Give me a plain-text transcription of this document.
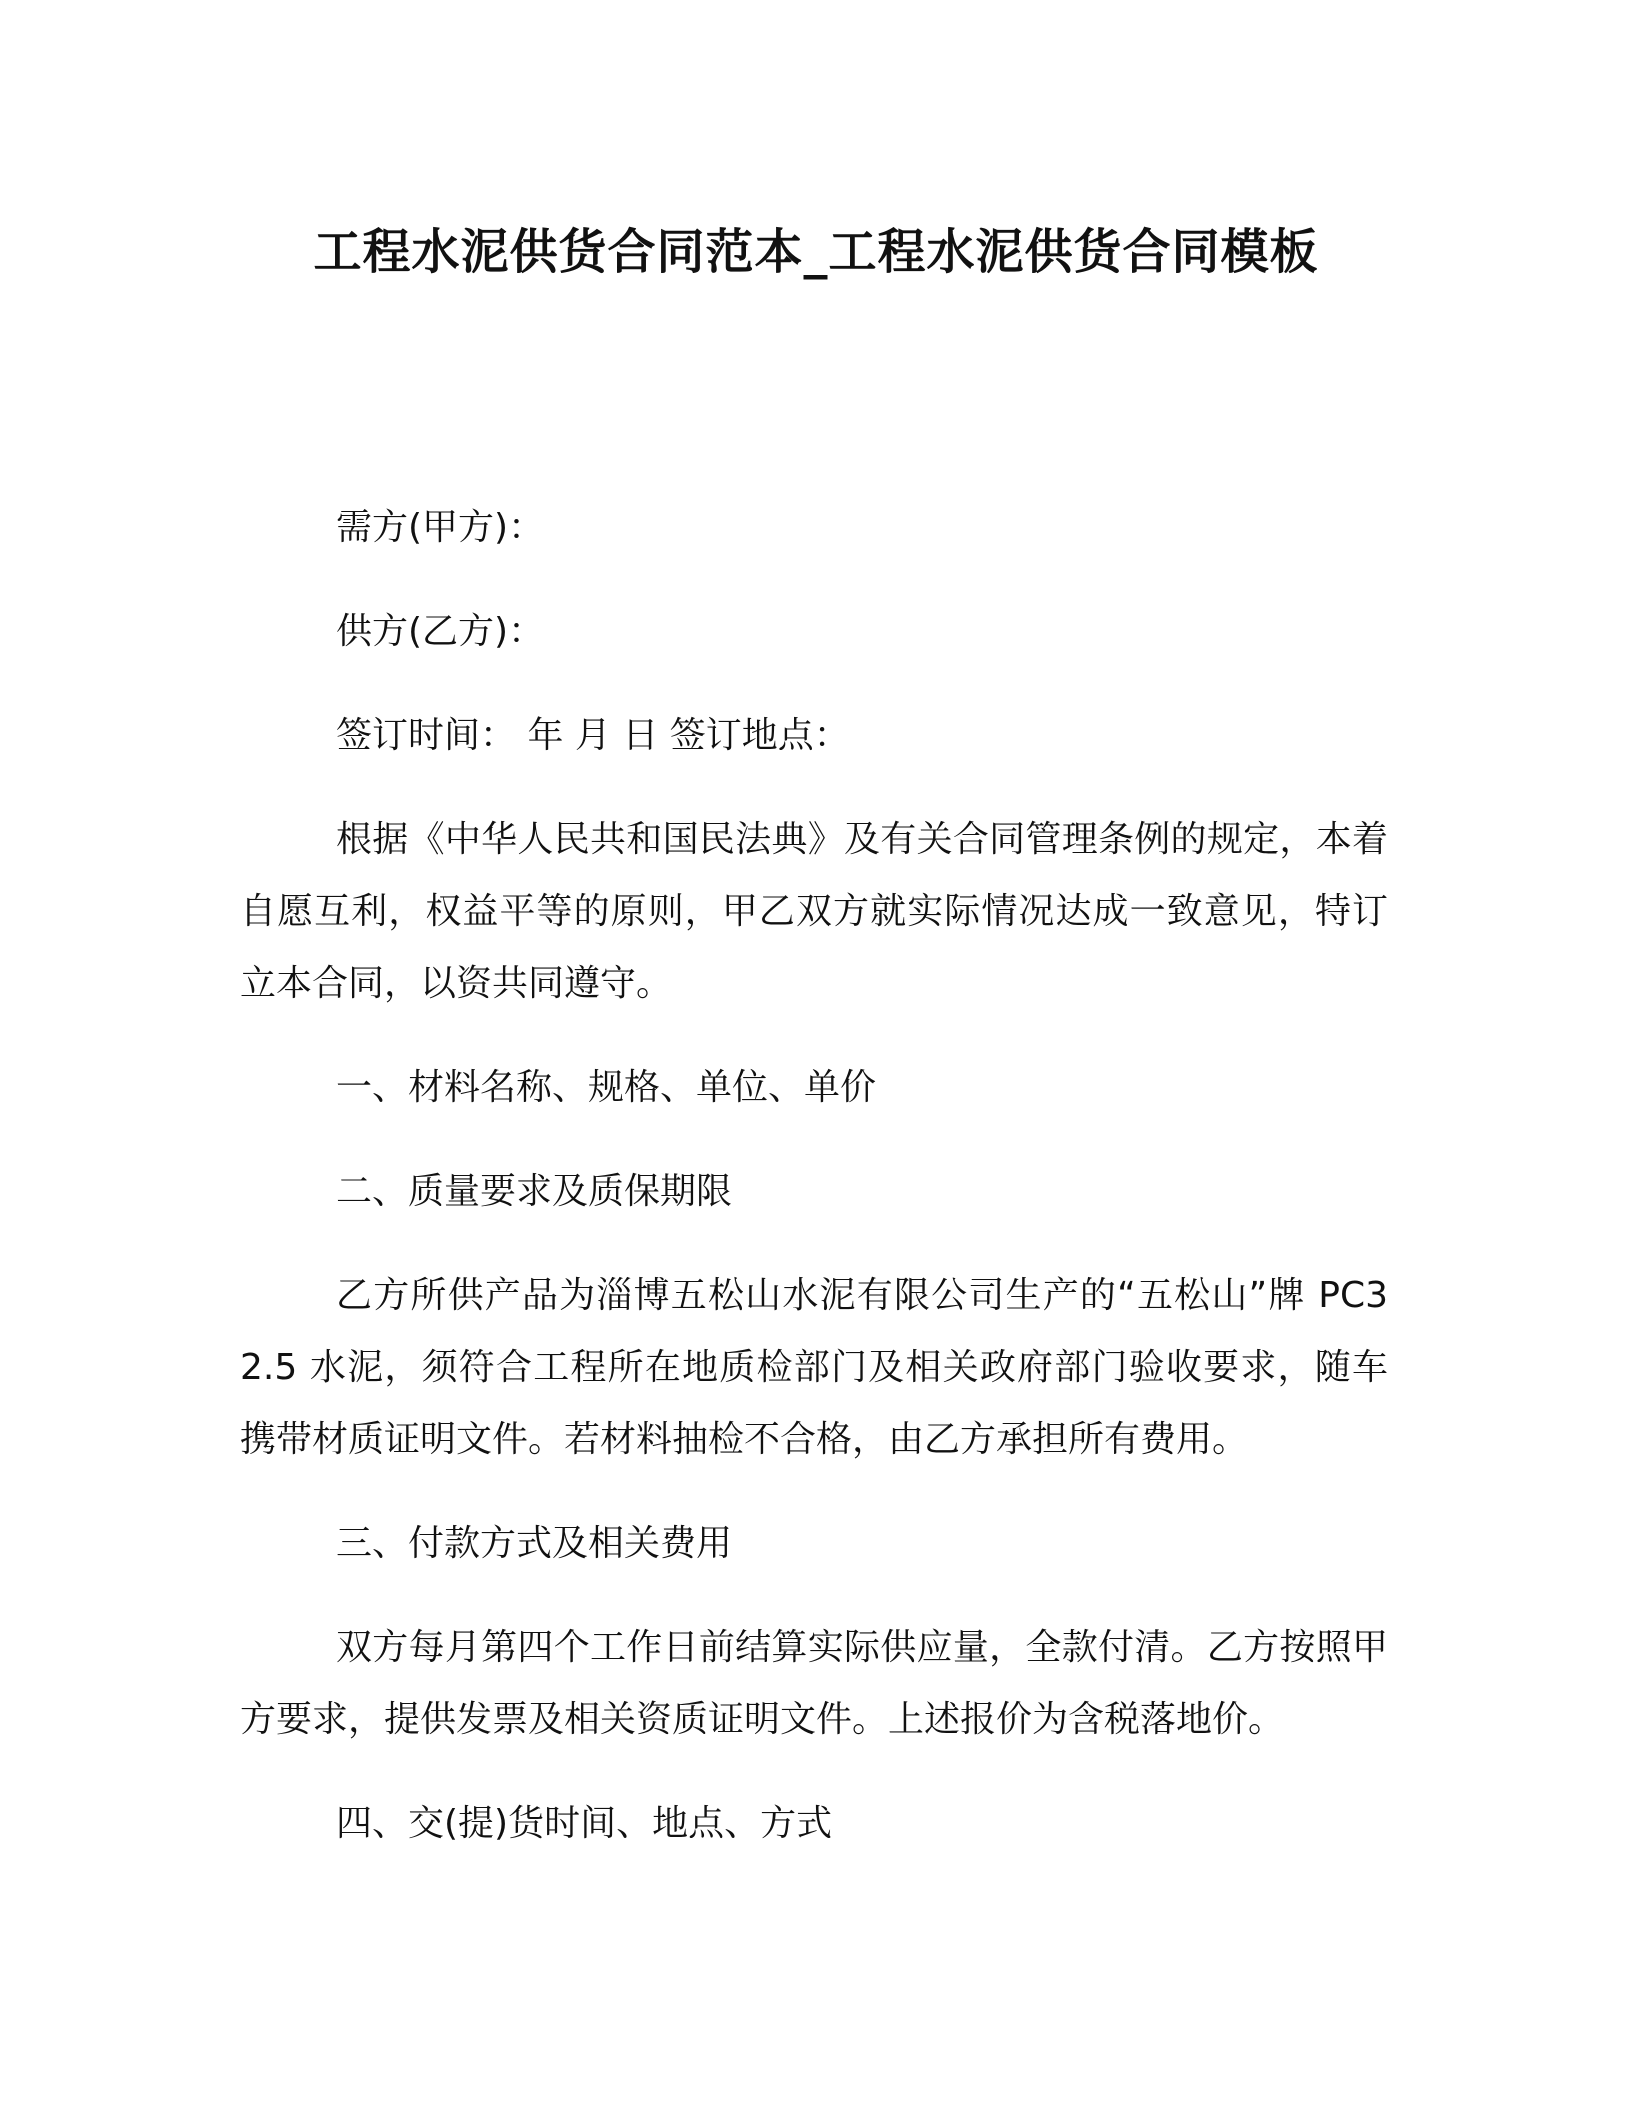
工程水泥供货合同范本_工程水泥供货合同模板

需方(甲方)：

供方(乙方)：

签订时间： 年 月 日 签订地点：

根据《中华人民共和国民法典》及有关合同管理条例的规定，本着自愿互利，权益平等的原则，甲乙双方就实际情况达成一致意见，特订立本合同，以资共同遵守。

一、材料名称、规格、单位、单价

二、质量要求及质保期限

乙方所供产品为淄博五松山水泥有限公司生产的“五松山”牌 PC32.5 水泥，须符合工程所在地质检部门及相关政府部门验收要求，随车携带材质证明文件。若材料抽检不合格，由乙方承担所有费用。

三、付款方式及相关费用

双方每月第四个工作日前结算实际供应量，全款付清。乙方按照甲方要求，提供发票及相关资质证明文件。上述报价为含税落地价。

四、交(提)货时间、地点、方式
